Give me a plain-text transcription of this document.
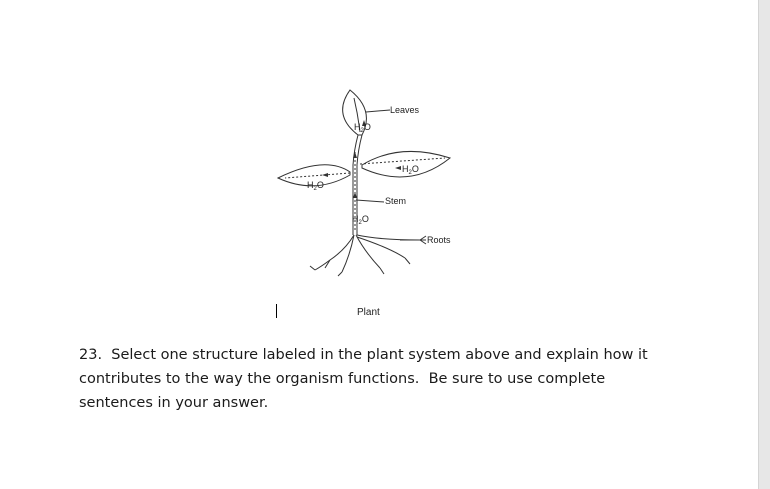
$H_2O$
$H_2O$
$H_2O$
$H_2O$
Leaves
Stem
Roots
Plant
23.  Select one structure labeled in the plant system above and explain how it
contributes to the way the organism functions.  Be sure to use complete
sentences in your answer.
